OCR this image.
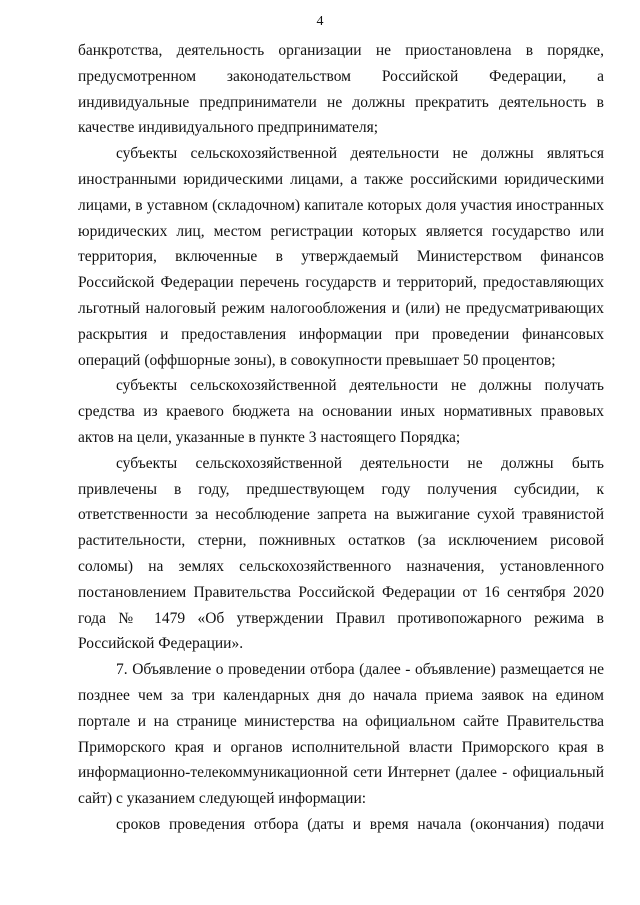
4

банкротства, деятельность организации не приостановлена в порядке, предусмотренном законодательством Российской Федерации, а индивидуальные предприниматели не должны прекратить деятельность в качестве индивидуального предпринимателя;

субъекты сельскохозяйственной деятельности не должны являться иностранными юридическими лицами, а также российскими юридическими лицами, в уставном (складочном) капитале которых доля участия иностранных юридических лиц, местом регистрации которых является государство или территория, включенные в утверждаемый Министерством финансов Российской Федерации перечень государств и территорий, предоставляющих льготный налоговый режим налогообложения и (или) не предусматривающих раскрытия и предоставления информации при проведении финансовых операций (оффшорные зоны), в совокупности превышает 50 процентов;

субъекты сельскохозяйственной деятельности не должны получать средства из краевого бюджета на основании иных нормативных правовых актов на цели, указанные в пункте 3 настоящего Порядка;

субъекты сельскохозяйственной деятельности не должны быть привлечены в году, предшествующем году получения субсидии, к ответственности за несоблюдение запрета на выжигание сухой травянистой растительности, стерни, пожнивных остатков (за исключением рисовой соломы) на землях сельскохозяйственного назначения, установленного постановлением Правительства Российской Федерации от 16 сентября 2020 года № 1479 «Об утверждении Правил противопожарного режима в Российской Федерации».

7. Объявление о проведении отбора (далее - объявление) размещается не позднее чем за три календарных дня до начала приема заявок на едином портале и на странице министерства на официальном сайте Правительства Приморского края и органов исполнительной власти Приморского края в информационно-телекоммуникационной сети Интернет (далее - официальный сайт) с указанием следующей информации:

сроков проведения отбора (даты и время начала (окончания) подачи
